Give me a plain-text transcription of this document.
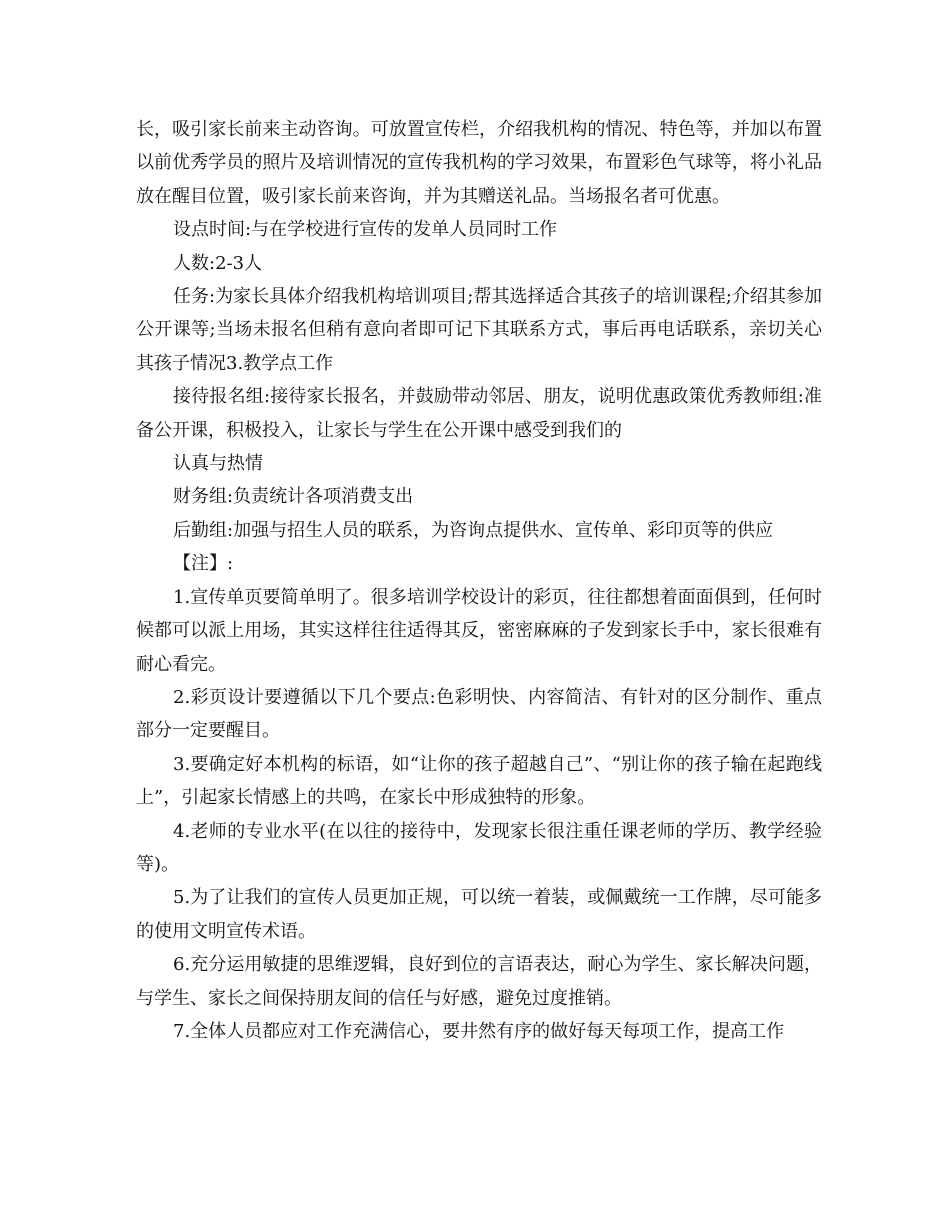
长，吸引家长前来主动咨询。可放置宣传栏，介绍我机构的情况、特色等，并加以布置以前优秀学员的照片及培训情况的宣传我机构的学习效果，布置彩色气球等，将小礼品放在醒目位置，吸引家长前来咨询，并为其赠送礼品。当场报名者可优惠。

设点时间:与在学校进行宣传的发单人员同时工作

人数:2-3人

任务:为家长具体介绍我机构培训项目;帮其选择适合其孩子的培训课程;介绍其参加公开课等;当场未报名但稍有意向者即可记下其联系方式，事后再电话联系，亲切关心其孩子情况3.教学点工作

接待报名组:接待家长报名，并鼓励带动邻居、朋友，说明优惠政策优秀教师组:准备公开课，积极投入，让家长与学生在公开课中感受到我们的

认真与热情

财务组:负责统计各项消费支出

后勤组:加强与招生人员的联系，为咨询点提供水、宣传单、彩印页等的供应

【注】:

1.宣传单页要简单明了。很多培训学校设计的彩页，往往都想着面面俱到，任何时候都可以派上用场，其实这样往往适得其反，密密麻麻的子发到家长手中，家长很难有耐心看完。

2.彩页设计要遵循以下几个要点:色彩明快、内容简洁、有针对的区分制作、重点部分一定要醒目。

3.要确定好本机构的标语，如“让你的孩子超越自己”、“别让你的孩子输在起跑线上”，引起家长情感上的共鸣，在家长中形成独特的形象。

4.老师的专业水平(在以往的接待中，发现家长很注重任课老师的学历、教学经验等)。

5.为了让我们的宣传人员更加正规，可以统一着装，或佩戴统一工作牌，尽可能多的使用文明宣传术语。

6.充分运用敏捷的思维逻辑，良好到位的言语表达，耐心为学生、家长解决问题，与学生、家长之间保持朋友间的信任与好感，避免过度推销。

7.全体人员都应对工作充满信心，要井然有序的做好每天每项工作，提高工作
